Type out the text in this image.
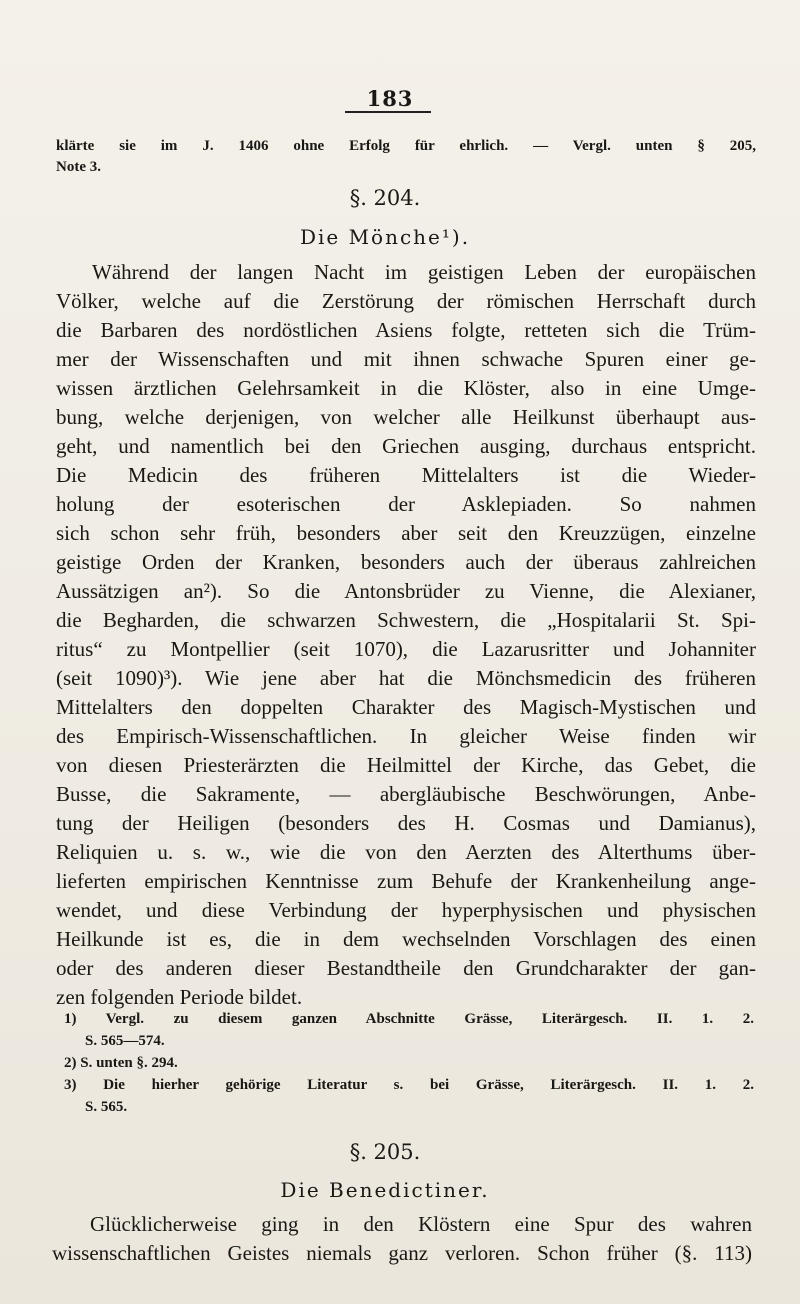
183
klärte sie im J. 1406 ohne Erfolg für ehrlich. — Vergl. unten § 205,
Note 3.
§. 204.
Die Mönche¹).
Während der langen Nacht im geistigen Leben der europäischen
Völker, welche auf die Zerstörung der römischen Herrschaft durch
die Barbaren des nordöstlichen Asiens folgte, retteten sich die Trüm-
mer der Wissenschaften und mit ihnen schwache Spuren einer ge-
wissen ärztlichen Gelehrsamkeit in die Klöster, also in eine Umge-
bung, welche derjenigen, von welcher alle Heilkunst überhaupt aus-
geht, und namentlich bei den Griechen ausging, durchaus entspricht.
Die Medicin des früheren Mittelalters ist die Wieder-
holung der esoterischen der Asklepiaden. So nahmen
sich schon sehr früh, besonders aber seit den Kreuzzügen, einzelne
geistige Orden der Kranken, besonders auch der überaus zahlreichen
Aussätzigen an²). So die Antonsbrüder zu Vienne, die Alexianer,
die Begharden, die schwarzen Schwestern, die „Hospitalarii St. Spi-
ritus“ zu Montpellier (seit 1070), die Lazarusritter und Johanniter
(seit 1090)³). Wie jene aber hat die Mönchsmedicin des früheren
Mittelalters den doppelten Charakter des Magisch-Mystischen und
des Empirisch-Wissenschaftlichen. In gleicher Weise finden wir
von diesen Priesterärzten die Heilmittel der Kirche, das Gebet, die
Busse, die Sakramente, — abergläubische Beschwörungen, Anbe-
tung der Heiligen (besonders des H. Cosmas und Damianus),
Reliquien u. s. w., wie die von den Aerzten des Alterthums über-
lieferten empirischen Kenntnisse zum Behufe der Krankenheilung ange-
wendet, und diese Verbindung der hyperphysischen und physischen
Heilkunde ist es, die in dem wechselnden Vorschlagen des einen
oder des anderen dieser Bestandtheile den Grundcharakter der gan-
zen folgenden Periode bildet.
1) Vergl. zu diesem ganzen Abschnitte Grässe, Literärgesch. II. 1. 2.
S. 565—574.
2) S. unten §. 294.
3) Die hierher gehörige Literatur s. bei Grässe, Literärgesch. II. 1. 2.
S. 565.
§. 205.
Die Benedictiner.
Glücklicherweise ging in den Klöstern eine Spur des wahren
wissenschaftlichen Geistes niemals ganz verloren. Schon früher (§. 113)
